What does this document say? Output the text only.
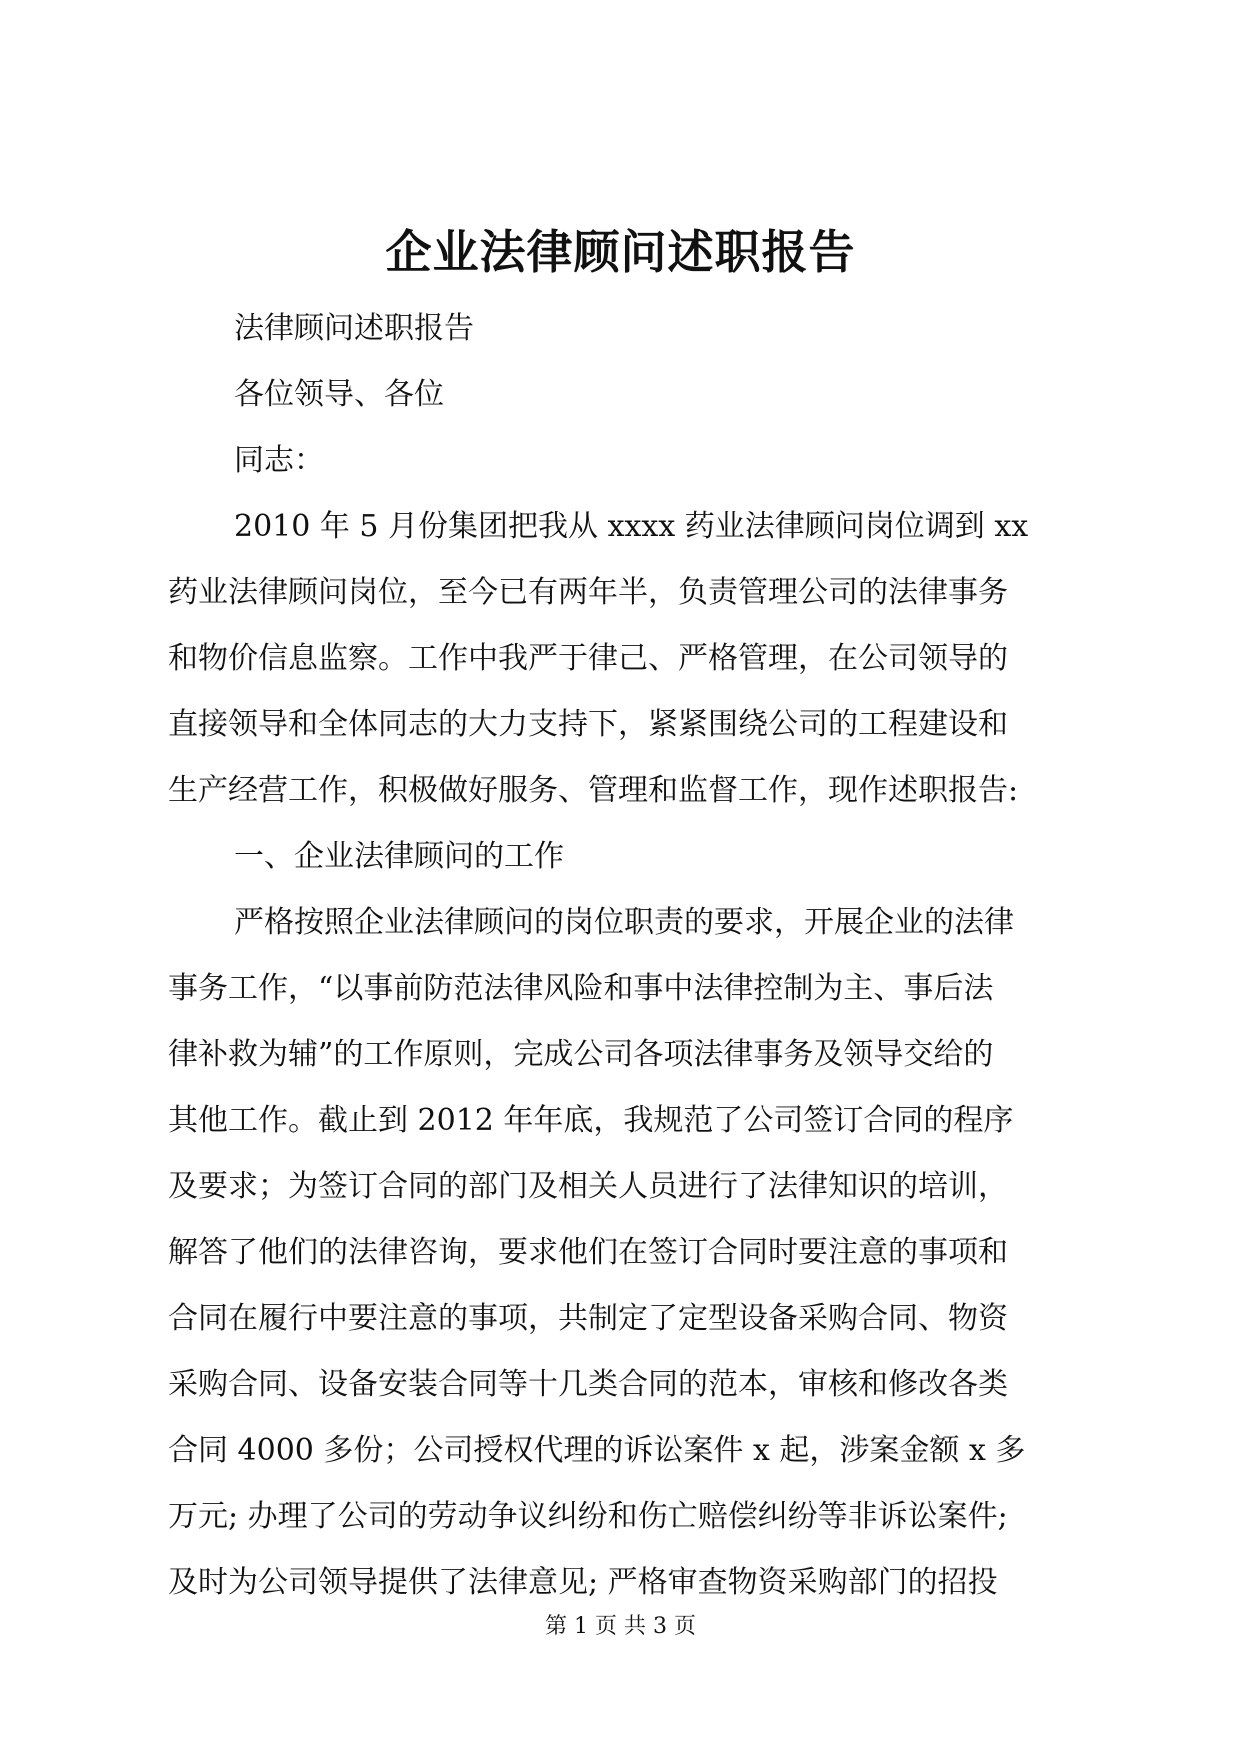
企业法律顾问述职报告
法律顾问述职报告
各位领导、各位
同志：
2010 年 5 月份集团把我从 xxxx 药业法律顾问岗位调到 xx
药业法律顾问岗位，至今已有两年半，负责管理公司的法律事务
和物价信息监察。工作中我严于律己、严格管理，在公司领导的
直接领导和全体同志的大力支持下，紧紧围绕公司的工程建设和
生产经营工作，积极做好服务、管理和监督工作，现作述职报告:
一、企业法律顾问的工作
严格按照企业法律顾问的岗位职责的要求，开展企业的法律
事务工作，“以事前防范法律风险和事中法律控制为主、事后法
律补救为辅”的工作原则，完成公司各项法律事务及领导交给的
其他工作。截止到 2012 年年底，我规范了公司签订合同的程序
及要求；为签订合同的部门及相关人员进行了法律知识的培训，
解答了他们的法律咨询，要求他们在签订合同时要注意的事项和
合同在履行中要注意的事项，共制定了定型设备采购合同、物资
采购合同、设备安装合同等十几类合同的范本，审核和修改各类
合同 4000 多份；公司授权代理的诉讼案件 x 起，涉案金额 x 多
万元; 办理了公司的劳动争议纠纷和伤亡赔偿纠纷等非诉讼案件;
及时为公司领导提供了法律意见; 严格审查物资采购部门的招投
第 1 页 共 3 页
